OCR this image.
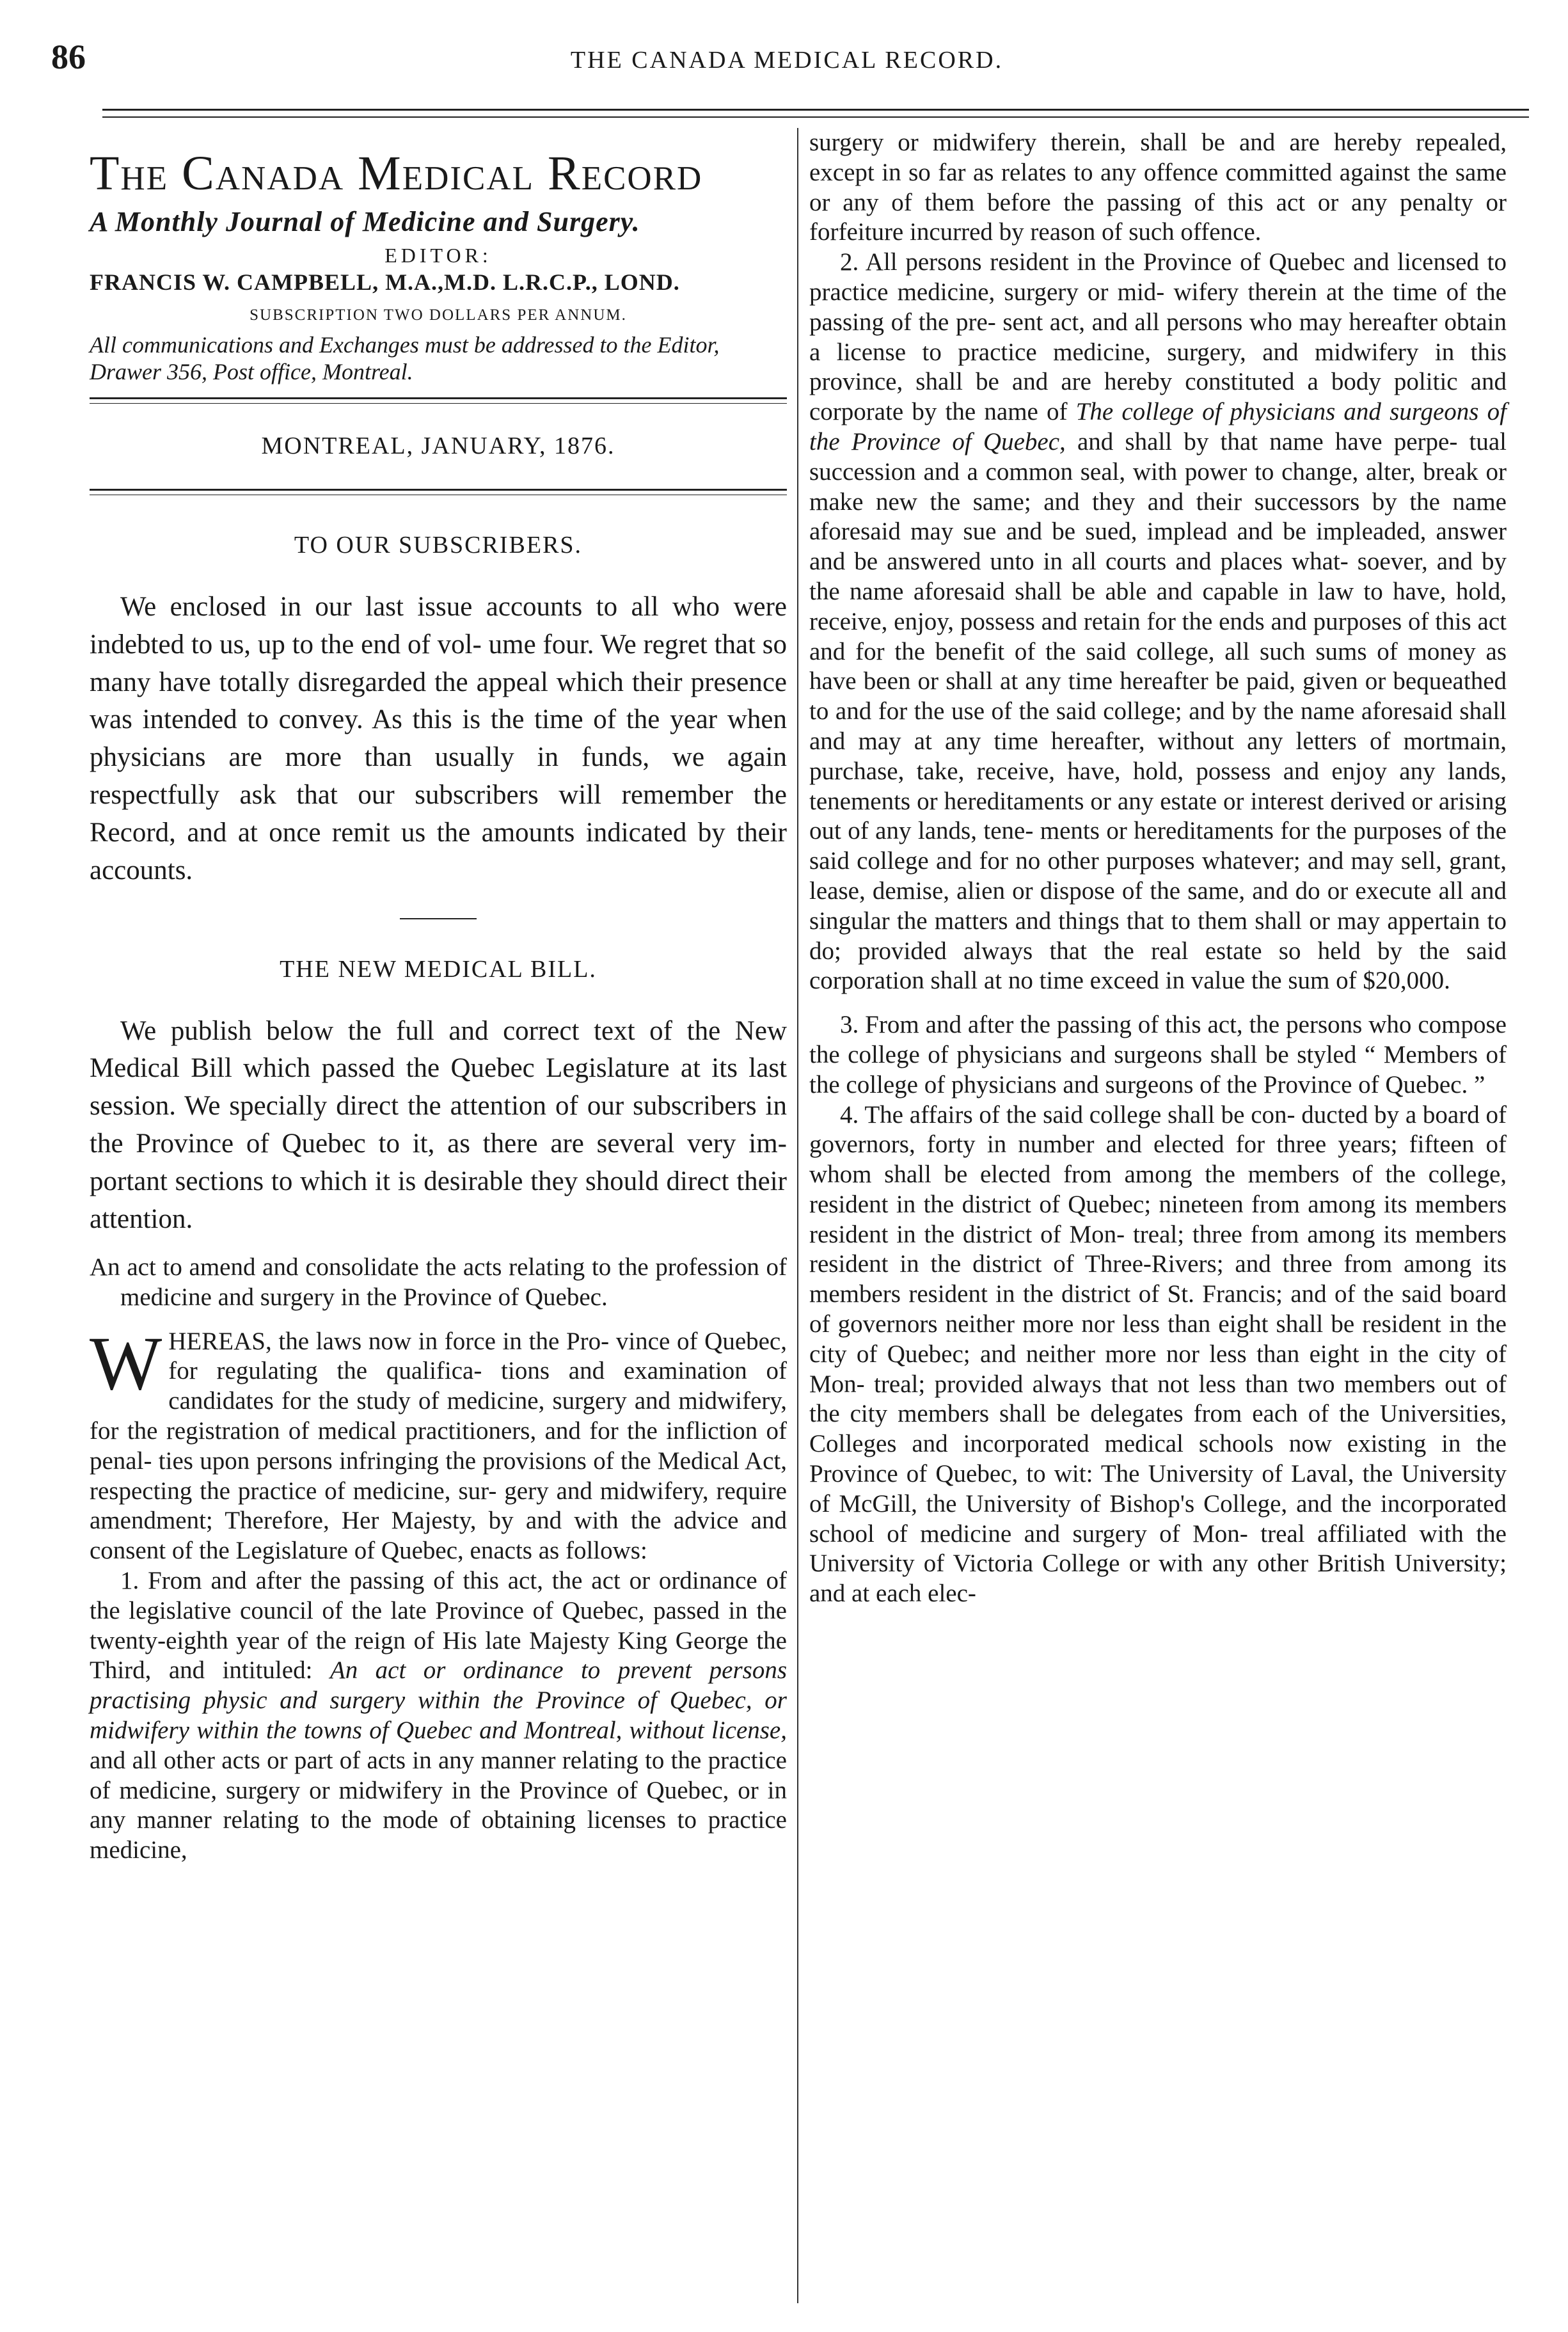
86	THE CANADA MEDICAL RECORD.
The Canada Medical Record
A Monthly Journal of Medicine and Surgery.
EDITOR:
FRANCIS W. CAMPBELL, M.A.,M.D. L.R.C.P., LOND.
SUBSCRIPTION TWO DOLLARS PER ANNUM.

All communications and Exchanges must be addressed to the Editor, Drawer 356, Post office, Montreal.

MONTREAL, JANUARY, 1876.
TO OUR SUBSCRIBERS.

We enclosed in our last issue accounts to all who were indebted to us, up to the end of vol- ume four. We regret that so many have totally disregarded the appeal which their presence was intended to convey. As this is the time of the year when physicians are more than usually in funds, we again respectfully ask that our subscribers will remember the Record, and at once remit us the amounts indicated by their accounts.

THE NEW MEDICAL BILL.

We publish below the full and correct text of the New Medical Bill which passed the Quebec Legislature at its last session. We specially direct the attention of our subscribers in the Province of Quebec to it, as there are several very im- portant sections to which it is desirable they should direct their attention.

An act to amend and consolidate the acts relating to the profession of medicine and surgery in the Province of Quebec.

WHEREAS, the laws now in force in the Pro- vince of Quebec, for regulating the qualifica- tions and examination of candidates for the study of medicine, surgery and midwifery, for the registration of medical practitioners, and for the infliction of penal- ties upon persons infringing the provisions of the Medical Act, respecting the practice of medicine, sur- gery and midwifery, require amendment; Therefore, Her Majesty, by and with the advice and consent of the Legislature of Quebec, enacts as follows:

1. From and after the passing of this act, the act or ordinance of the legislative council of the late Province of Quebec, passed in the twenty-eighth year of the reign of His late Majesty King George the Third, and intituled: An act or ordinance to prevent persons practising physic and surgery within the Province of Quebec, or midwifery within the towns of Quebec and Montreal, without license, and all other acts or part of acts in any manner relating to the practice of medicine, surgery or midwifery in the Province of Quebec, or in any manner relating to the mode of obtaining licenses to practice medicine,

surgery or midwifery therein, shall be and are hereby repealed, except in so far as relates to any offence committed against the same or any of them before the passing of this act or any penalty or forfeiture incurred by reason of such offence.

2. All persons resident in the Province of Quebec and licensed to practice medicine, surgery or mid- wifery therein at the time of the passing of the pre- sent act, and all persons who may hereafter obtain a license to practice medicine, surgery, and midwifery in this province, shall be and are hereby constituted a body politic and corporate by the name of The college of physicians and surgeons of the Province of Quebec, and shall by that name have perpe- tual succession and a common seal, with power to change, alter, break or make new the same; and they and their successors by the name aforesaid may sue and be sued, implead and be impleaded, answer and be answered unto in all courts and places what- soever, and by the name aforesaid shall be able and capable in law to have, hold, receive, enjoy, possess and retain for the ends and purposes of this act and for the benefit of the said college, all such sums of money as have been or shall at any time hereafter be paid, given or bequeathed to and for the use of the said college; and by the name aforesaid shall and may at any time hereafter, without any letters of mortmain, purchase, take, receive, have, hold, possess and enjoy any lands, tenements or hereditaments or any estate or interest derived or arising out of any lands, tene- ments or hereditaments for the purposes of the said college and for no other purposes whatever; and may sell, grant, lease, demise, alien or dispose of the same, and do or execute all and singular the matters and things that to them shall or may appertain to do; provided always that the real estate so held by the said corporation shall at no time exceed in value the sum of $20,000.

3. From and after the passing of this act, the persons who compose the college of physicians and surgeons shall be styled “ Members of the college of physicians and surgeons of the Province of Quebec. ”

4. The affairs of the said college shall be con- ducted by a board of governors, forty in number and elected for three years; fifteen of whom shall be elected from among the members of the college, resident in the district of Quebec; nineteen from among its members resident in the district of Mon- treal; three from among its members resident in the district of Three-Rivers; and three from among its members resident in the district of St. Francis; and of the said board of governors neither more nor less than eight shall be resident in the city of Quebec; and neither more nor less than eight in the city of Mon- treal; provided always that not less than two members out of the city members shall be delegates from each of the Universities, Colleges and incorporated medical schools now existing in the Province of Quebec, to wit: The University of Laval, the University of McGill, the University of Bishop's College, and the incorporated school of medicine and surgery of Mon- treal affiliated with the University of Victoria College or with any other British University; and at each elec-
